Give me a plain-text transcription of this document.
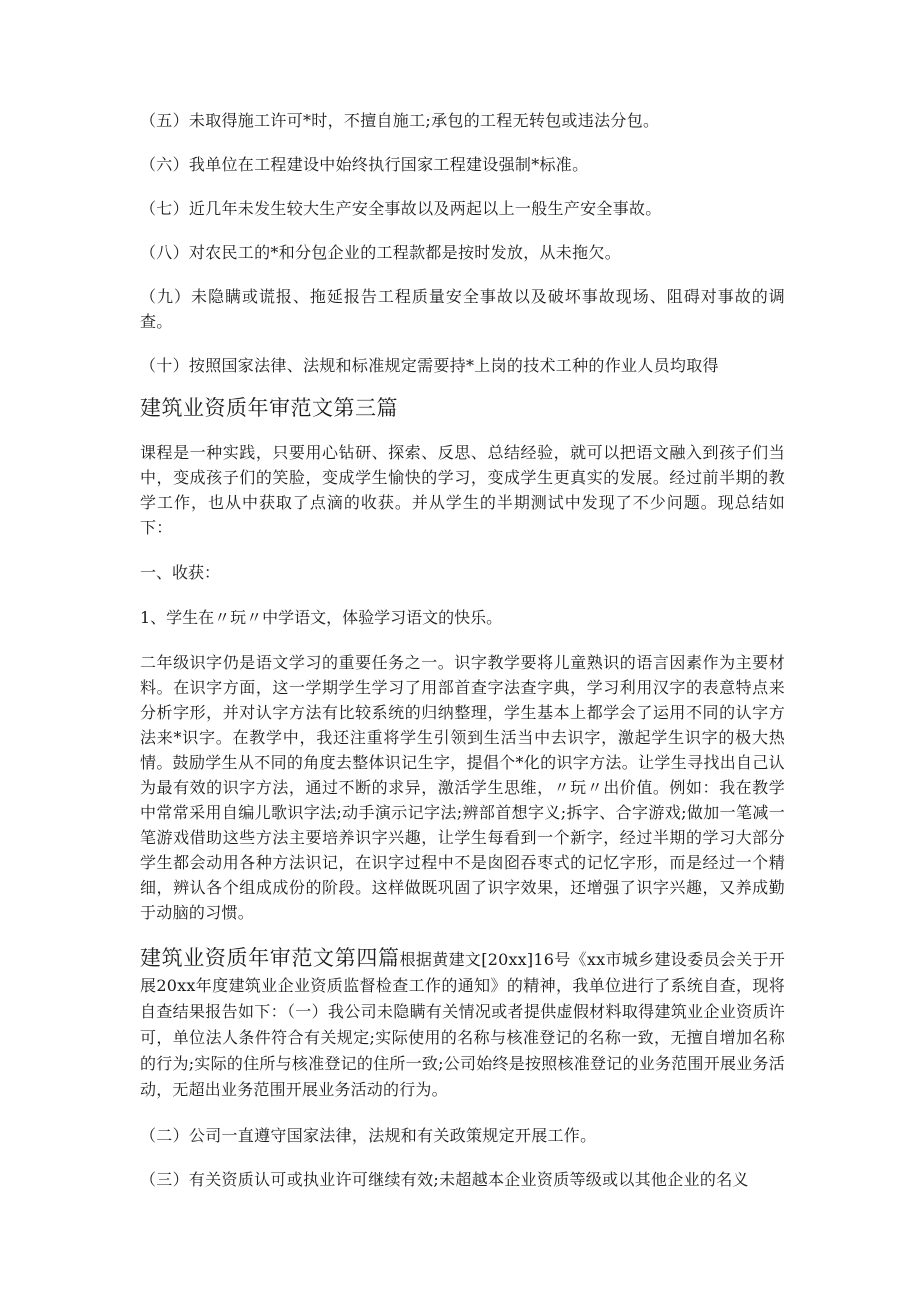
（五）未取得施工许可*时，不擅自施工;承包的工程无转包或违法分包。

（六）我单位在工程建设中始终执行国家工程建设强制*标准。

（七）近几年未发生较大生产安全事故以及两起以上一般生产安全事故。

（八）对农民工的*和分包企业的工程款都是按时发放，从未拖欠。

（九）未隐瞒或谎报、拖延报告工程质量安全事故以及破坏事故现场、阻碍对事故的调查。

（十）按照国家法律、法规和标准规定需要持*上岗的技术工种的作业人员均取得

建筑业资质年审范文第三篇

课程是一种实践，只要用心钻研、探索、反思、总结经验，就可以把语文融入到孩子们当中，变成孩子们的笑脸，变成学生愉快的学习，变成学生更真实的发展。经过前半期的教学工作，也从中获取了点滴的收获。并从学生的半期测试中发现了不少问题。现总结如下：

一、收获：

1、学生在〃玩〃中学语文，体验学习语文的快乐。

二年级识字仍是语文学习的重要任务之一。识字教学要将儿童熟识的语言因素作为主要材料。在识字方面，这一学期学生学习了用部首查字法查字典，学习利用汉字的表意特点来分析字形，并对认字方法有比较系统的归纳整理，学生基本上都学会了运用不同的认字方法来*识字。在教学中，我还注重将学生引领到生活当中去识字，激起学生识字的极大热情。鼓励学生从不同的角度去整体识记生字，提倡个*化的识字方法。让学生寻找出自己认为最有效的识字方法，通过不断的求异，激活学生思维，〃玩〃出价值。例如：我在教学中常常采用自编儿歌识字法;动手演示记字法;辨部首想字义;拆字、合字游戏;做加一笔减一笔游戏借助这些方法主要培养识字兴趣，让学生每看到一个新字，经过半期的学习大部分学生都会动用各种方法识记，在识字过程中不是囱囵吞枣式的记忆字形，而是经过一个精细，辨认各个组成成份的阶段。这样做既巩固了识字效果，还增强了识字兴趣，又养成勤于动脑的习惯。

建筑业资质年审范文第四篇根据黄建文[20xx]16号《xx市城乡建设委员会关于开展20xx年度建筑业企业资质监督检查工作的通知》的精神，我单位进行了系统自查，现将自查结果报告如下：（一）我公司未隐瞒有关情况或者提供虚假材料取得建筑业企业资质许可，单位法人条件符合有关规定;实际使用的名称与核准登记的名称一致，无擅自增加名称的行为;实际的住所与核准登记的住所一致;公司始终是按照核准登记的业务范围开展业务活动，无超出业务范围开展业务活动的行为。

（二）公司一直遵守国家法律，法规和有关政策规定开展工作。

（三）有关资质认可或执业许可继续有效;未超越本企业资质等级或以其他企业的名义
